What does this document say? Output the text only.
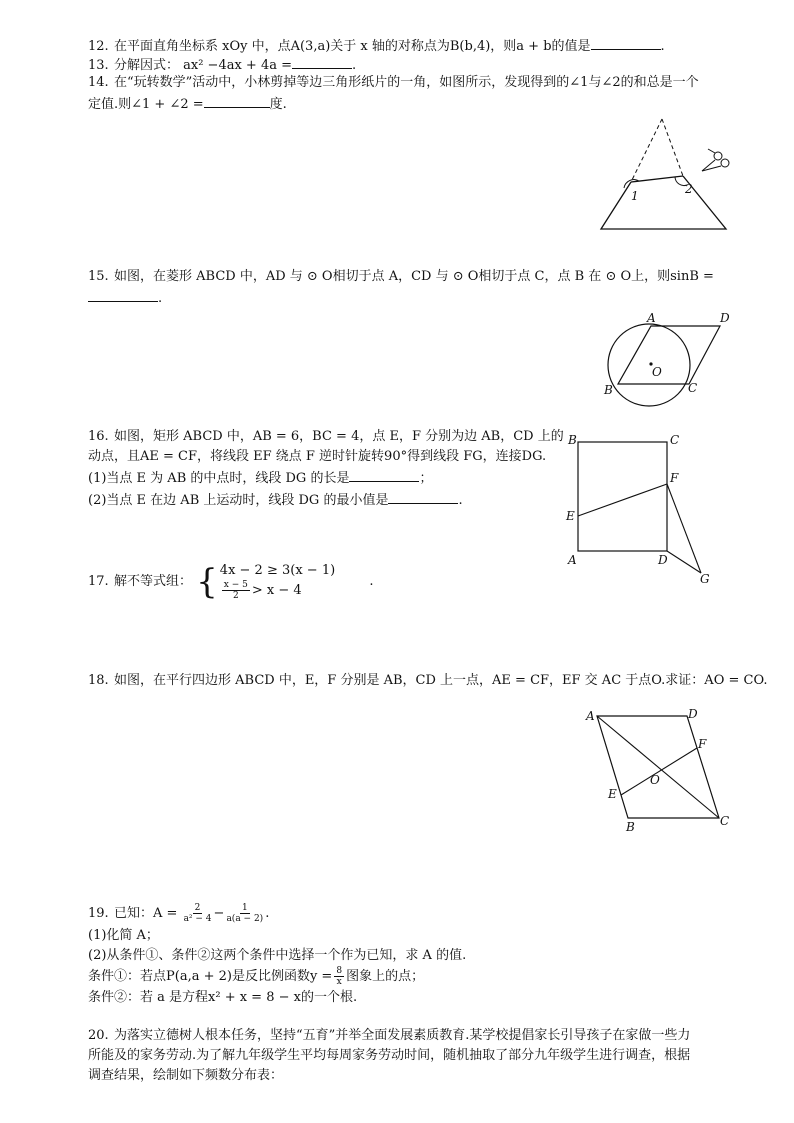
12. 在平面直角坐标系 xOy 中，点A(3,a)关于 x 轴的对称点为B(b,4)，则a + b的值是	.
13. 分解因式： ax² −4ax + 4a =	.
14. 在“玩转数学”活动中，小林剪掉等边三角形纸片的一角，如图所示，发现得到的∠1与∠2的和总是一个
定值.则∠1 + ∠2 =	度.
1	2
15. 如图，在菱形 ABCD 中，AD 与 ⊙ O相切于点 A，CD 与 ⊙ O相切于点 C，点 B 在 ⊙ O上，则sinB =
.
A	D
B	C
O
16. 如图，矩形 ABCD 中，AB = 6，BC = 4，点 E，F 分别为边 AB，CD 上的
动点，且AE = CF，将线段 EF 绕点 F 逆时针旋转90°得到线段 FG，连接DG.
(1)当点 E 为 AB 的中点时，线段 DG 的长是	；
(2)当点 E 在边 AB 上运动时，线段 DG 的最小值是	.
B	C
E
F
A	D
G
17. 解不等式组： { 4x − 2 ≥ 3(x − 1)
$\frac{x - 5}{2} > x - 4$
.
18. 如图，在平行四边形 ABCD 中，E，F 分别是 AB，CD 上一点，AE = CF，EF 交 AC 于点O.求证：AO = CO.
A	D
F
O
E
B	C
19. 已知：$A = \frac{2}{\text{a² − 4}} - \frac{1}{a(a - 2)}$ .
(1)化简 A；
(2)从条件①、条件②这两个条件中选择一个作为已知，求 A 的值.
条件①：若点P(a,a + 2)是反比例函数$y = \frac{8}{x}$ 图象上的点；
条件②：若 a 是方程x² + x = 8 − x的一个根.
20. 为落实立德树人根本任务，坚持“五育”并举全面发展素质教育.某学校提倡家长引导孩子在家做一些力
所能及的家务劳动.为了解九年级学生平均每周家务劳动时间，随机抽取了部分九年级学生进行调查，根据
调查结果，绘制如下频数分布表：
